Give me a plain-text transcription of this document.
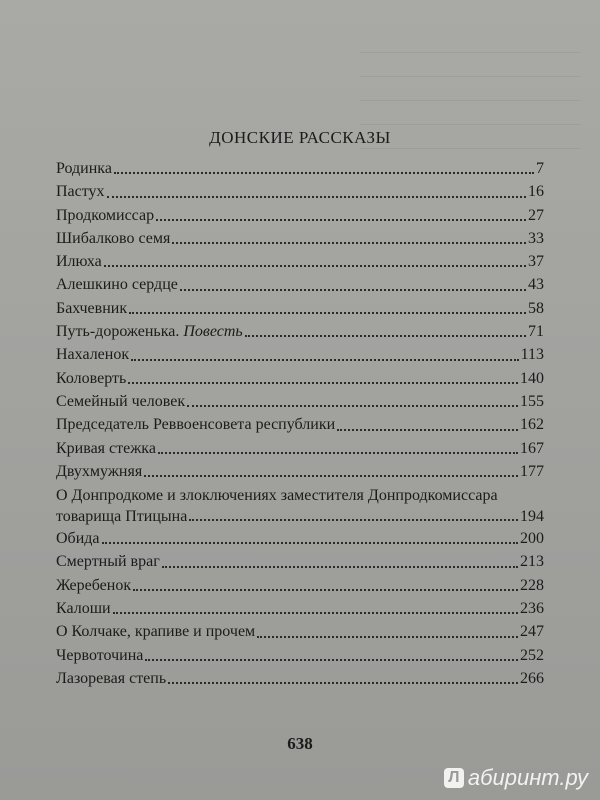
ДОНСКИЕ РАССКАЗЫ
Родинка	7
Пастух	16
Продкомиссар	27
Шибалково семя	33
Илюха	37
Алешкино сердце	43
Бахчевник	58
Путь-дороженька. Повесть	71
Нахаленок	113
Коловерть	140
Семейный человек	155
Председатель Реввоенсовета республики	162
Кривая стежка	167
Двухмужняя	177
О Донпродкоме и злоключениях заместителя Донпродкомиссара
товарища Птицына	194
Обида	200
Смертный враг	213
Жеребенок	228
Калоши	236
О Колчаке, крапиве и прочем	247
Червоточина	252
Лазоревая степь	266
638
Л абиринт.ру
